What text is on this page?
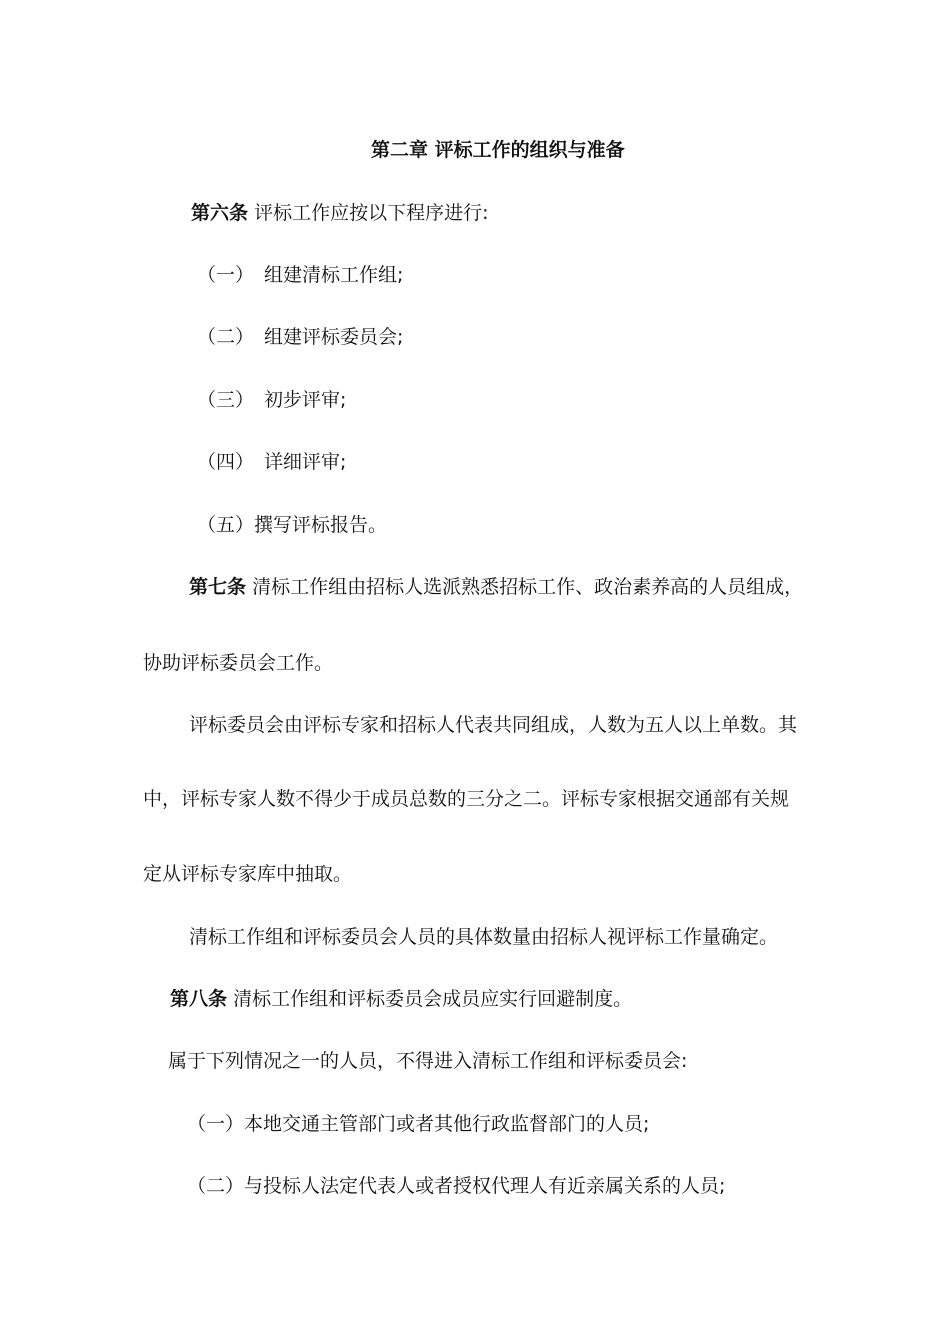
第二章 评标工作的组织与准备
第六条 评标工作应按以下程序进行:
（一） 组建清标工作组;
（二） 组建评标委员会;
（三） 初步评审;
（四） 详细评审;
（五）撰写评标报告。
第七条 清标工作组由招标人选派熟悉招标工作、政治素养高的人员组成，
协助评标委员会工作。
评标委员会由评标专家和招标人代表共同组成，人数为五人以上单数。其
中，评标专家人数不得少于成员总数的三分之二。评标专家根据交通部有关规
定从评标专家库中抽取。
清标工作组和评标委员会人员的具体数量由招标人视评标工作量确定。
第八条 清标工作组和评标委员会成员应实行回避制度。
属于下列情况之一的人员，不得进入清标工作组和评标委员会:
（一）本地交通主管部门或者其他行政监督部门的人员;
（二）与投标人法定代表人或者授权代理人有近亲属关系的人员;
